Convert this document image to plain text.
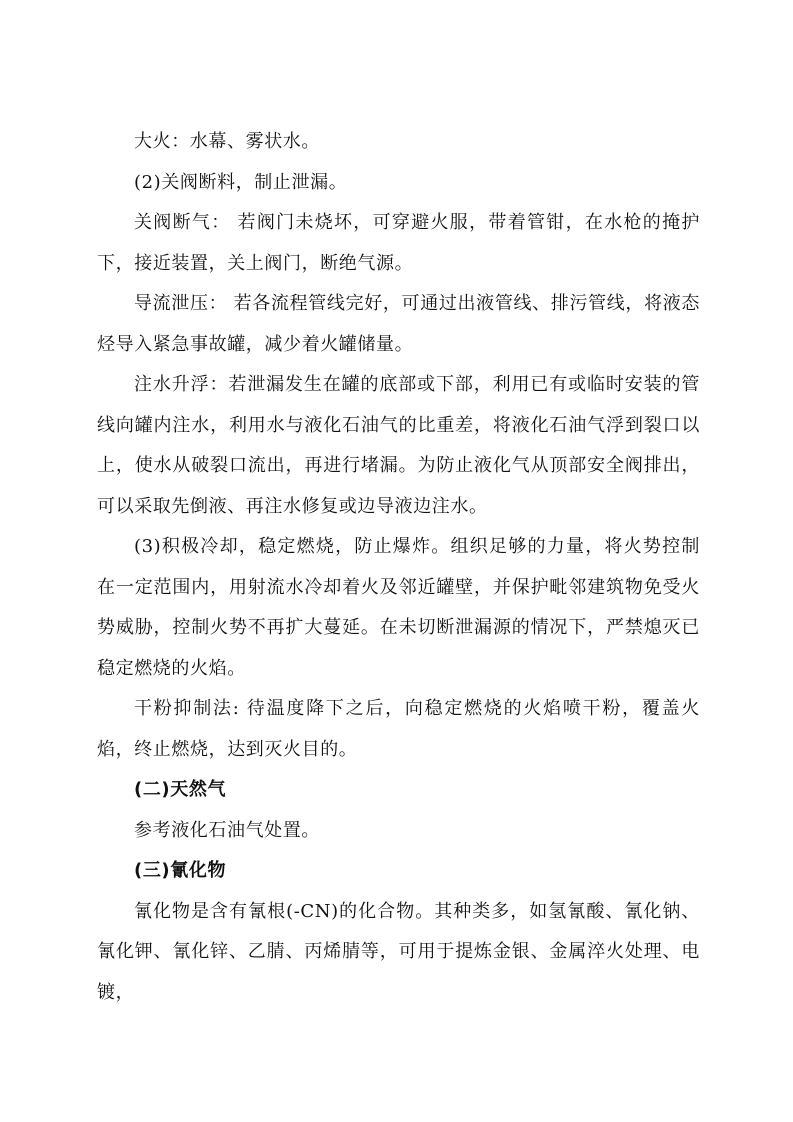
大火：水幕、雾状水。

(2)关阀断料，制止泄漏。

关阀断气： 若阀门未烧坏，可穿避火服，带着管钳，在水枪的掩护下，接近装置，关上阀门，断绝气源。

导流泄压： 若各流程管线完好，可通过出液管线、排污管线，将液态烃导入紧急事故罐，减少着火罐储量。

注水升浮：若泄漏发生在罐的底部或下部，利用已有或临时安装的管线向罐内注水，利用水与液化石油气的比重差，将液化石油气浮到裂口以上，使水从破裂口流出，再进行堵漏。为防止液化气从顶部安全阀排出，可以采取先倒液、再注水修复或边导液边注水。

(3)积极冷却，稳定燃烧，防止爆炸。组织足够的力量，将火势控制在一定范围内，用射流水冷却着火及邻近罐壁，并保护毗邻建筑物免受火势威胁，控制火势不再扩大蔓延。在未切断泄漏源的情况下，严禁熄灭已稳定燃烧的火焰。

干粉抑制法: 待温度降下之后，向稳定燃烧的火焰喷干粉，覆盖火焰，终止燃烧，达到灭火目的。

(二)天然气

参考液化石油气处置。

(三)氰化物

氰化物是含有氰根(-CN)的化合物。其种类多，如氢氰酸、氰化钠、氰化钾、氰化锌、乙腈、丙烯腈等，可用于提炼金银、金属淬火处理、电镀，
